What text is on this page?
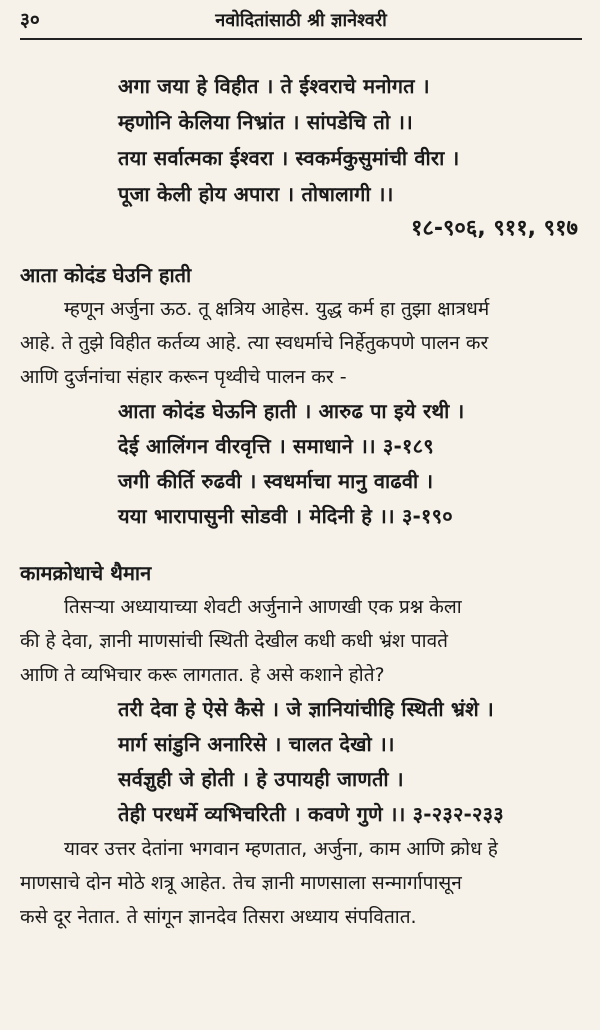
३०	नवोदितांसाठी श्री ज्ञानेश्वरी
अगा जया हे विहीत । ते ईश्वराचे मनोगत ।
म्हणोनि केलिया निभ्रांत । सांपडेचि तो ।।
तया सर्वात्मका ईश्वरा । स्वकर्मकुसुमांची वीरा ।
पूजा केली होय अपारा । तोषालागी ।।
१८-९०६, ९११, ९१७
आता कोदंड घेउनि हाती
म्हणून अर्जुना ऊठ. तू क्षत्रिय आहेस. युद्ध कर्म हा तुझा क्षात्रधर्म
आहे. ते तुझे विहीत कर्तव्य आहे. त्या स्वधर्माचे निर्हेतुकपणे पालन कर
आणि दुर्जनांचा संहार करून पृथ्वीचे पालन कर -
आता कोदंड घेऊनि हाती । आरुढ पा इये रथी ।
देई आलिंगन वीरवृत्ति । समाधाने ।। ३-१८९
जगी कीर्ति रुढवी । स्वधर्माचा मानु वाढवी ।
यया भारापासुनी सोडवी । मेदिनी हे ।। ३-१९०
कामक्रोधाचे थैमान
तिसऱ्या अध्यायाच्या शेवटी अर्जुनाने आणखी एक प्रश्न केला
की हे देवा, ज्ञानी माणसांची स्थिती देखील कधी कधी भ्रंश पावते
आणि ते व्यभिचार करू लागतात. हे असे कशाने होते?
तरी देवा हे ऐसे कैसे । जे ज्ञानियांचीहि स्थिती भ्रंशे ।
मार्ग सांडुनि अनारिसे । चालत देखो ।।
सर्वज्ञुही जे होती । हे उपायही जाणती ।
तेही परधर्मे व्यभिचरिती । कवणे गुणे ।। ३-२३२-२३३
यावर उत्तर देतांना भगवान म्हणतात, अर्जुना, काम आणि क्रोध हे
माणसाचे दोन मोठे शत्रू आहेत. तेच ज्ञानी माणसाला सन्मार्गापासून
कसे दूर नेतात. ते सांगून ज्ञानदेव तिसरा अध्याय संपवितात.
